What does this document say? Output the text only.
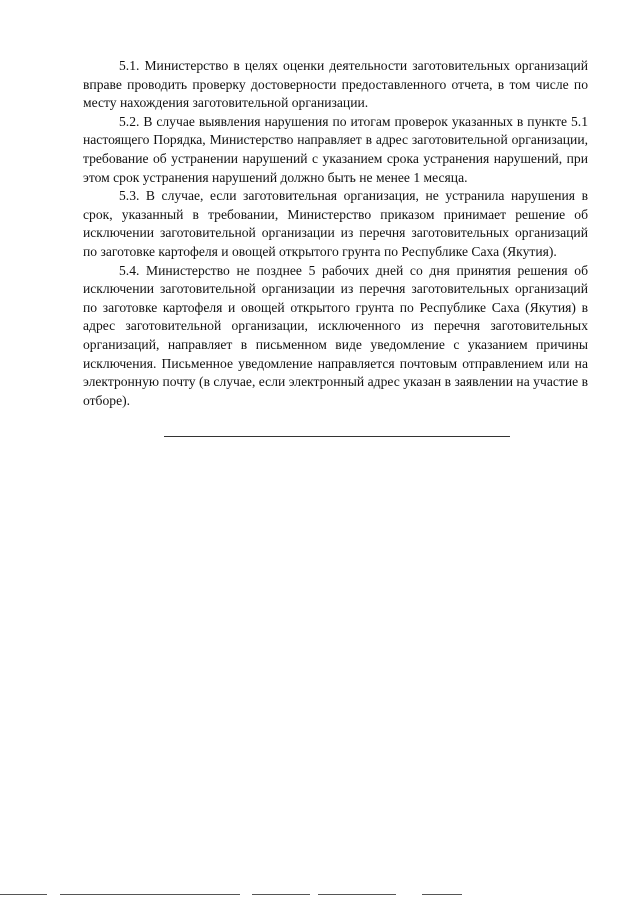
5.1. Министерство в целях оценки деятельности заготовительных организаций вправе проводить проверку достоверности предоставленного отчета, в том числе по месту нахождения заготовительной организации.

5.2. В случае выявления нарушения по итогам проверок указанных в пункте 5.1 настоящего Порядка, Министерство направляет в адрес заготовительной организации, требование об устранении нарушений с указанием срока устранения нарушений, при этом срок устранения нарушений должно быть не менее 1 месяца.

5.3. В случае, если заготовительная организация, не устранила нарушения в срок, указанный в требовании, Министерство приказом принимает решение об исключении заготовительной организации из перечня заготовительных организаций по заготовке картофеля и овощей открытого грунта по Республике Саха (Якутия).

5.4. Министерство не позднее 5 рабочих дней со дня принятия решения об исключении заготовительной организации из перечня заготовительных организаций по заготовке картофеля и овощей открытого грунта по Республике Саха (Якутия) в адрес заготовительной организации, исключенного из перечня заготовительных организаций, направляет в письменном виде уведомление с указанием причины исключения. Письменное уведомление направляется почтовым отправлением или на электронную почту (в случае, если электронный адрес указан в заявлении на участие в отборе).
